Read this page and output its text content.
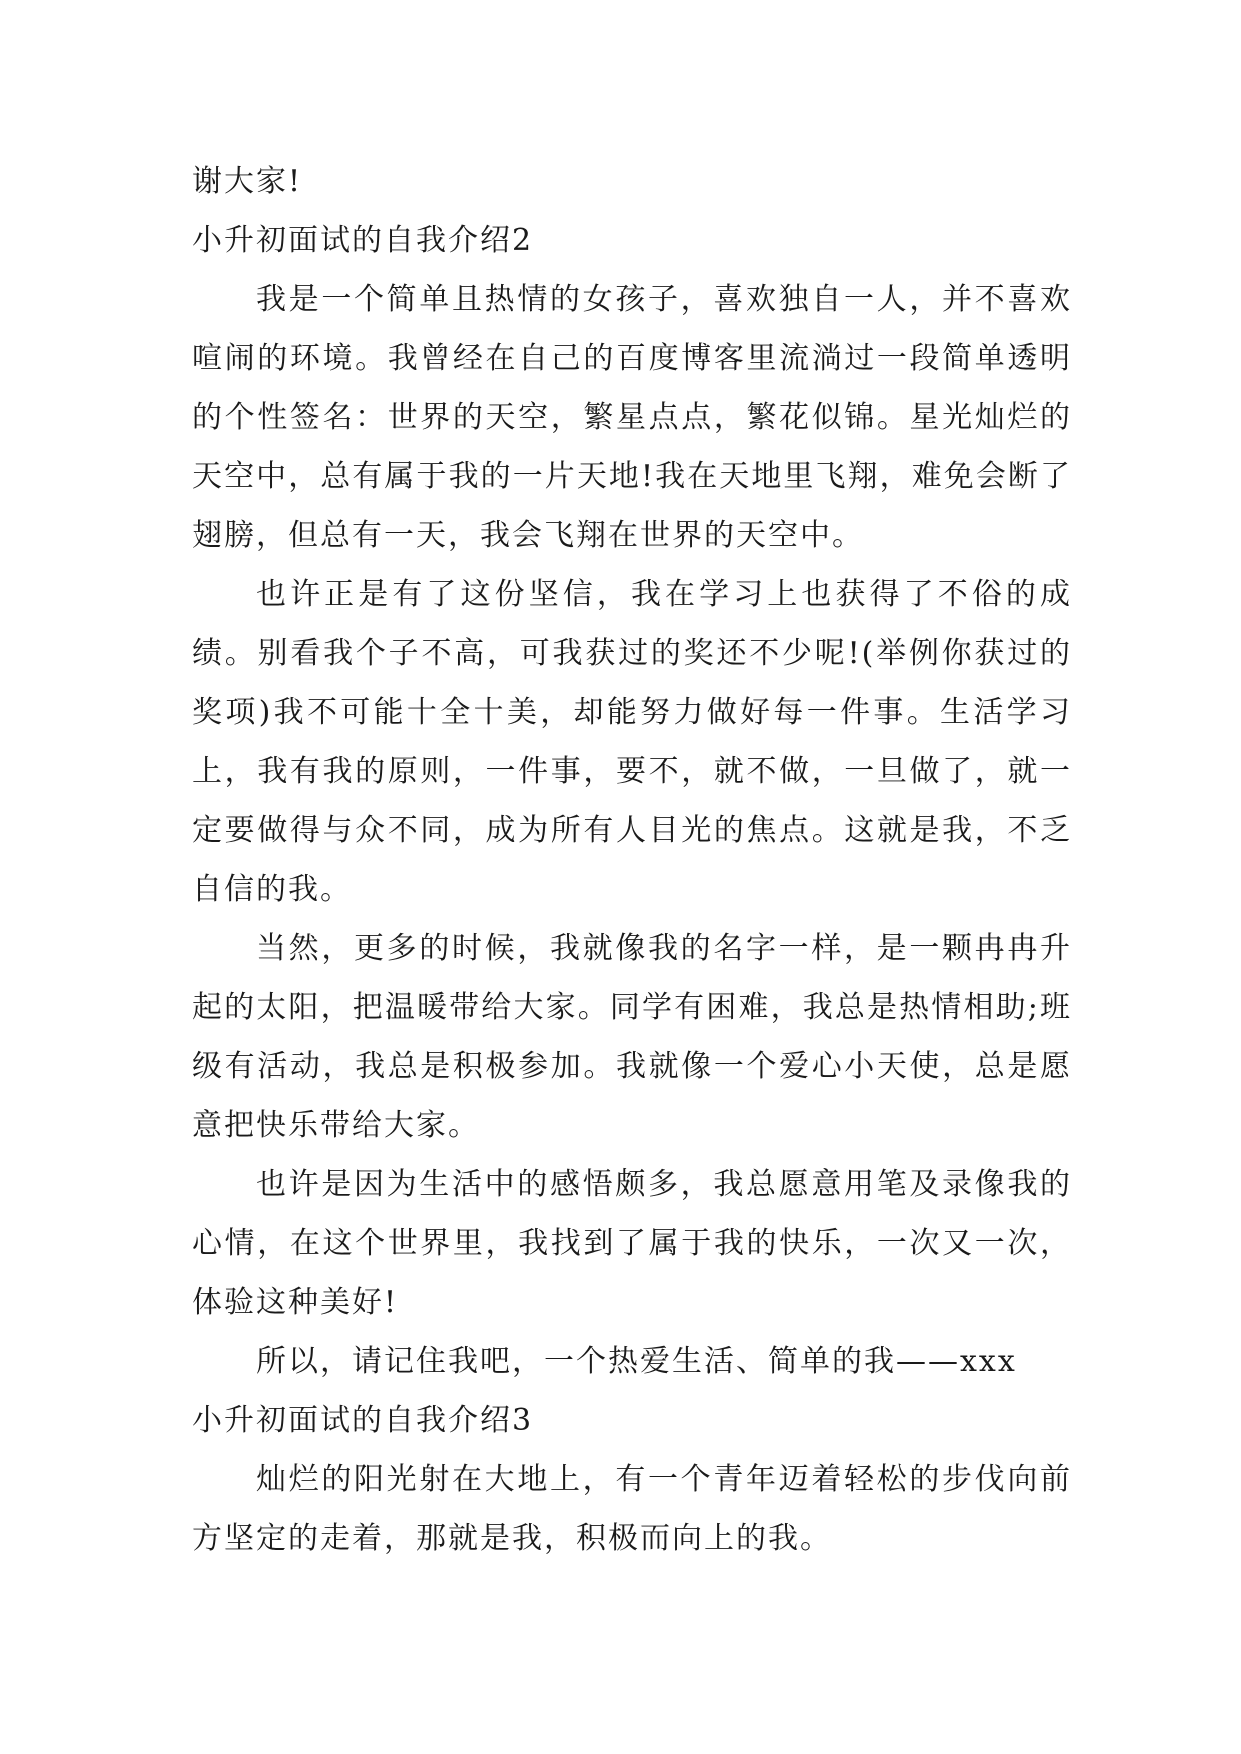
谢大家!

小升初面试的自我介绍2

我是一个简单且热情的女孩子，喜欢独自一人，并不喜欢喧闹的环境。我曾经在自己的百度博客里流淌过一段简单透明的个性签名：世界的天空，繁星点点，繁花似锦。星光灿烂的天空中，总有属于我的一片天地!我在天地里飞翔，难免会断了翅膀，但总有一天，我会飞翔在世界的天空中。

也许正是有了这份坚信，我在学习上也获得了不俗的成绩。别看我个子不高，可我获过的奖还不少呢!(举例你获过的奖项)我不可能十全十美，却能努力做好每一件事。生活学习上，我有我的原则，一件事，要不，就不做，一旦做了，就一定要做得与众不同，成为所有人目光的焦点。这就是我，不乏自信的我。

当然，更多的时候，我就像我的名字一样，是一颗冉冉升起的太阳，把温暖带给大家。同学有困难，我总是热情相助;班级有活动，我总是积极参加。我就像一个爱心小天使，总是愿意把快乐带给大家。

也许是因为生活中的感悟颇多，我总愿意用笔及录像我的心情，在这个世界里，我找到了属于我的快乐，一次又一次，体验这种美好!

所以，请记住我吧，一个热爱生活、简单的我——xxx

小升初面试的自我介绍3

灿烂的阳光射在大地上，有一个青年迈着轻松的步伐向前方坚定的走着，那就是我，积极而向上的我。
